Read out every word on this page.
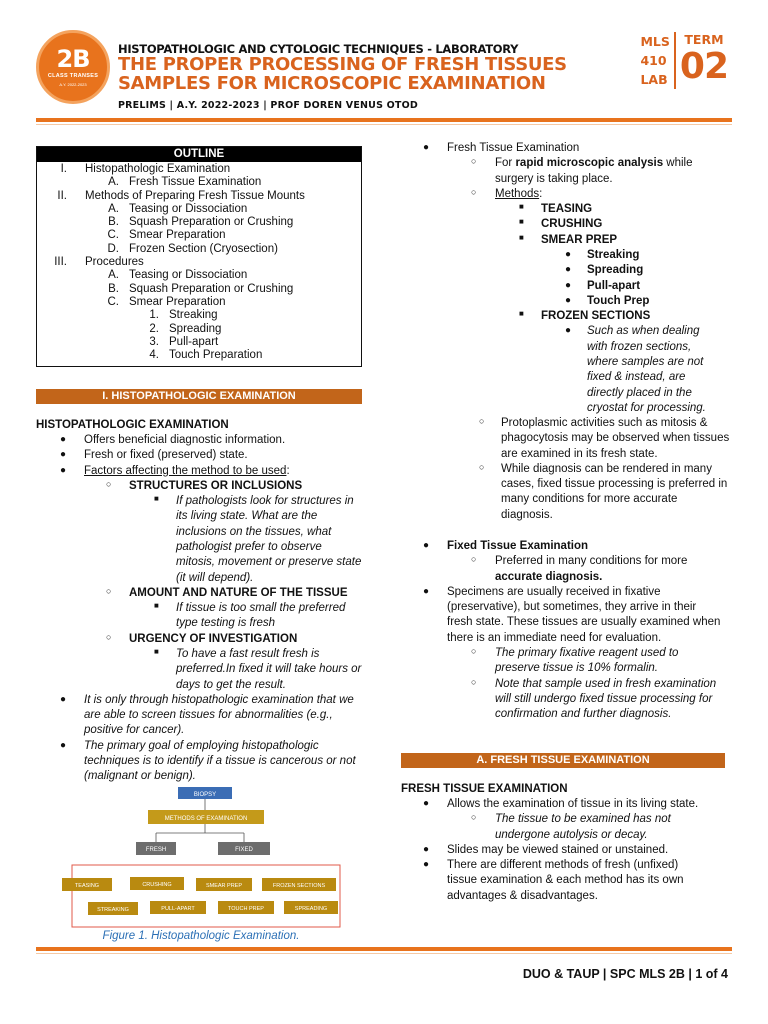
2B
CLASS TRANSES
A.Y. 2022-2023
HISTOPATHOLOGIC AND CYTOLOGIC TECHNIQUES - LABORATORY
THE PROPER PROCESSING OF FRESH TISSUES SAMPLES FOR MICROSCOPIC EXAMINATION
PRELIMS | A.Y. 2022-2023 | PROF DOREN VENUS OTOD
MLS
410
LAB
TERM
02
OUTLINE
I.	Histopathologic Examination
A. Fresh Tissue Examination
II.	Methods of Preparing Fresh Tissue Mounts
A. Teasing or Dissociation
B. Squash Preparation or Crushing
C. Smear Preparation
D. Frozen Section (Cryosection)
III.	Procedures
A. Teasing or Dissociation
B. Squash Preparation or Crushing
C. Smear Preparation
1. Streaking
2. Spreading
3. Pull-apart
4. Touch Preparation
I. HISTOPATHOLOGIC EXAMINATION
HISTOPATHOLOGIC EXAMINATION
● Offers beneficial diagnostic information.
● Fresh or fixed (preserved) state.
● Factors affecting the method to be used:
○ STRUCTURES OR INCLUSIONS
■ If pathologists look for structures in its living state. What are the inclusions on the tissues, what pathologist prefer to observe mitosis, movement or preserve state (it will depend).
○ AMOUNT AND NATURE OF THE TISSUE
■ If tissue is too small the preferred type testing is fresh
○ URGENCY OF INVESTIGATION
■ To have a fast result fresh is preferred.In fixed it will take hours or days to get the result.
● It is only through histopathologic examination that we are able to screen tissues for abnormalities (e.g., positive for cancer).
● The primary goal of employing histopathologic techniques is to identify if a tissue is cancerous or not (malignant or benign).
BIOPSY
METHODS OF EXAMINATION
FRESH	FIXED
TEASING	CRUSHING	SMEAR PREP	FROZEN SECTIONS
STREAKING	PULL-APART	TOUCH PREP	SPREADING
Figure 1. Histopathologic Examination.
● Fresh Tissue Examination
○ For rapid microscopic analysis while surgery is taking place.
○ Methods:
■ TEASING
■ CRUSHING
■ SMEAR PREP
● Streaking
● Spreading
● Pull-apart
● Touch Prep
■ FROZEN SECTIONS
● Such as when dealing with frozen sections, where samples are not fixed & instead, are directly placed in the cryostat for processing.
○ Protoplasmic activities such as mitosis & phagocytosis may be observed when tissues are examined in its fresh state.
○ While diagnosis can be rendered in many cases, fixed tissue processing is preferred in many conditions for more accurate diagnosis.
● Fixed Tissue Examination
○ Preferred in many conditions for more accurate diagnosis.
● Specimens are usually received in fixative (preservative), but sometimes, they arrive in their fresh state. These tissues are usually examined when there is an immediate need for evaluation.
○ The primary fixative reagent used to preserve tissue is 10% formalin.
○ Note that sample used in fresh examination will still undergo fixed tissue processing for confirmation and further diagnosis.
A. FRESH TISSUE EXAMINATION
FRESH TISSUE EXAMINATION
● Allows the examination of tissue in its living state.
○ The tissue to be examined has not undergone autolysis or decay.
● Slides may be viewed stained or unstained.
● There are different methods of fresh (unfixed) tissue examination & each method has its own advantages & disadvantages.
DUO & TAUP | SPC MLS 2B | 1 of 4
